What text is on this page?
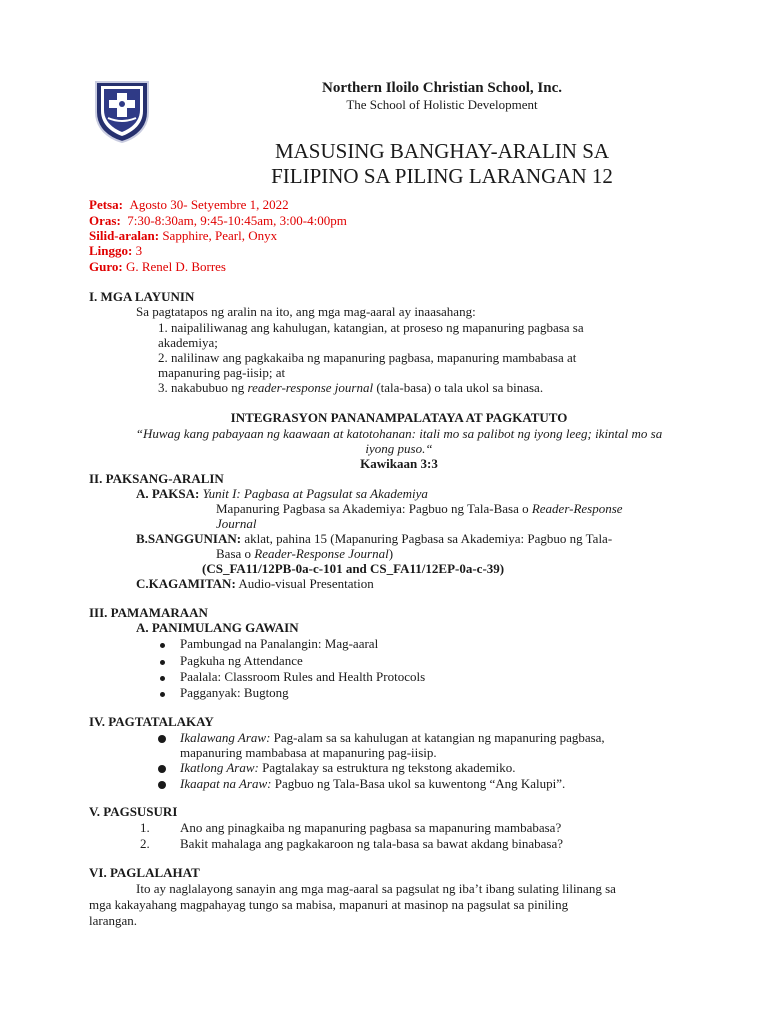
Northern Iloilo Christian School, Inc.
The School of Holistic Development
MASUSING BANGHAY-ARALIN SA
FILIPINO SA PILING LARANGAN 12
Petsa: Agosto 30- Setyembre 1, 2022
Oras: 7:30-8:30am, 9:45-10:45am, 3:00-4:00pm
Silid-aralan: Sapphire, Pearl, Onyx
Linggo: 3
Guro: G. Renel D. Borres
I. MGA LAYUNIN
Sa pagtatapos ng aralin na ito, ang mga mag-aaral ay inaasahang:
1. naipaliliwanag ang kahulugan, katangian, at proseso ng mapanuring pagbasa sa
akademiya;
2. nalilinaw ang pagkakaiba ng mapanuring pagbasa, mapanuring mambabasa at
mapanuring pag-iisip; at
3. nakabubuo ng reader-response journal (tala-basa) o tala ukol sa binasa.
INTEGRASYON PANANAMPALATAYA AT PAGKATUTO
“Huwag kang pabayaan ng kaawaan at katotohanan: itali mo sa palibot ng iyong leeg; ikintal mo sa
iyong puso.“
Kawikaan 3:3
II. PAKSANG-ARALIN
A. PAKSA: Yunit I: Pagbasa at Pagsulat sa Akademiya
Mapanuring Pagbasa sa Akademiya: Pagbuo ng Tala-Basa o Reader-Response
Journal
B.SANGGUNIAN: aklat, pahina 15 (Mapanuring Pagbasa sa Akademiya: Pagbuo ng Tala-
Basa o Reader-Response Journal)
(CS_FA11/12PB-0a-c-101 and CS_FA11/12EP-0a-c-39)
C.KAGAMITAN: Audio-visual Presentation
III. PAMAMARAAN
A. PANIMULANG GAWAIN
Pambungad na Panalangin: Mag-aaral
Pagkuha ng Attendance
Paalala: Classroom Rules and Health Protocols
Pagganyak: Bugtong
IV. PAGTATALAKAY
Ikalawang Araw: Pag-alam sa sa kahulugan at katangian ng mapanuring pagbasa,
mapanuring mambabasa at mapanuring pag-iisip.
Ikatlong Araw: Pagtalakay sa estruktura ng tekstong akademiko.
Ikaapat na Araw: Pagbuo ng Tala-Basa ukol sa kuwentong “Ang Kalupi”.
V. PAGSUSURI
1. Ano ang pinagkaiba ng mapanuring pagbasa sa mapanuring mambabasa?
2. Bakit mahalaga ang pagkakaroon ng tala-basa sa bawat akdang binabasa?
VI. PAGLALAHAT
Ito ay naglalayong sanayin ang mga mag-aaral sa pagsulat ng iba’t ibang sulating lilinang sa
mga kakayahang magpahayag tungo sa mabisa, mapanuri at masinop na pagsulat sa piniling
larangan.
